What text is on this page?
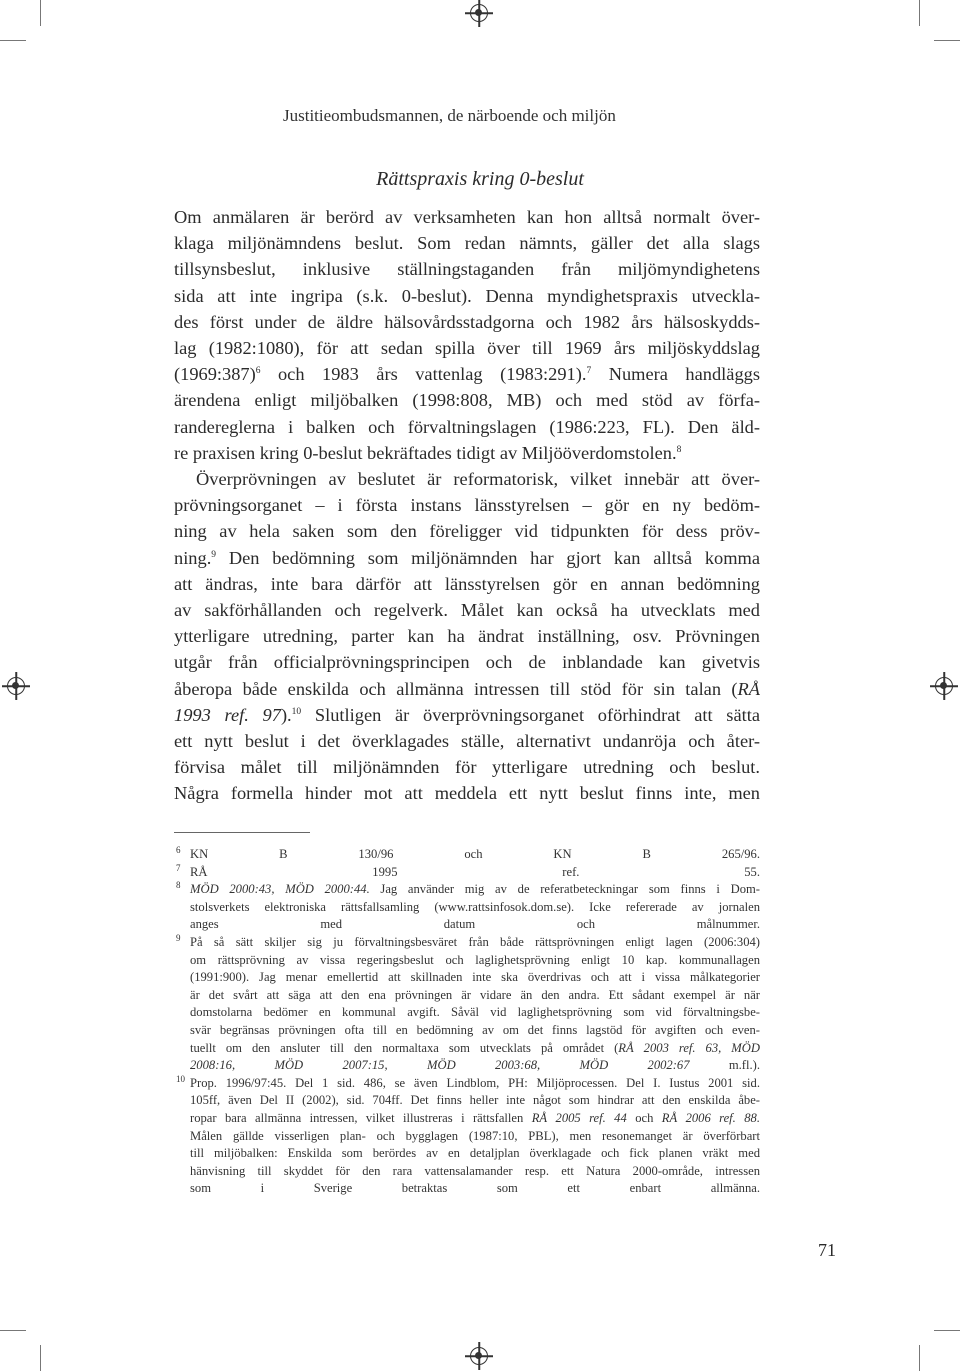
Justitieombudsmannen, de närboende och miljön
Rättspraxis kring 0-beslut
Om anmälaren är berörd av verksamheten kan hon alltså normalt över-
klaga miljönämndens beslut. Som redan nämnts, gäller det alla slags
tillsynsbeslut, inklusive ställningstaganden från miljömyndighetens
sida att inte ingripa (s.k. 0-beslut). Denna myndighetspraxis utveckla-
des först under de äldre hälsovårdsstadgorna och 1982 års hälsoskydds-
lag (1982:1080), för att sedan spilla över till 1969 års miljöskyddslag
(1969:387)$^6$ och 1983 års vattenlag (1983:291).$^7$ Numera handläggs
ärendena enligt miljöbalken (1998:808, MB) och med stöd av förfa-
randereglerna i balken och förvaltningslagen (1986:223, FL). Den äld-
re praxisen kring 0-beslut bekräftades tidigt av Miljööverdomstolen.$^8$
Överprövningen av beslutet är reformatorisk, vilket innebär att över-
prövningsorganet – i första instans länsstyrelsen – gör en ny bedöm-
ning av hela saken som den föreligger vid tidpunkten för dess pröv-
ning.$^9$ Den bedömning som miljönämnden har gjort kan alltså komma
att ändras, inte bara därför att länsstyrelsen gör en annan bedömning
av sakförhållanden och regelverk. Målet kan också ha utvecklats med
ytterligare utredning, parter kan ha ändrat inställning, osv. Prövningen
utgår från officialprövningsprincipen och de inblandade kan givetvis
åberopa både enskilda och allmänna intressen till stöd för sin talan (RÅ
1993 ref. 97).$^{10}$ Slutligen är överprövningsorganet oförhindrat att sätta
ett nytt beslut i det överklagades ställe, alternativt undanröja och åter-
förvisa målet till miljönämnden för ytterligare utredning och beslut.
Några formella hinder mot att meddela ett nytt beslut finns inte, men
6 KN B 130/96 och KN B 265/96.
7 RÅ 1995 ref. 55.
8 MÖD 2000:43, MÖD 2000:44. Jag använder mig av de referatbeteckningar som finns i Dom-
stolsverkets elektroniska rättsfallsamling (www.rattsinfosok.dom.se). Icke refererade av jornalen
anges med datum och målnummer.
9 På så sätt skiljer sig ju förvaltningsbesväret från både rättsprövningen enligt lagen (2006:304)
om rättsprövning av vissa regeringsbeslut och laglighetsprövning enligt 10 kap. kommunallagen
(1991:900). Jag menar emellertid att skillnaden inte ska överdrivas och att i vissa målkategorier
är det svårt att säga att den ena prövningen är vidare än den andra. Ett sådant exempel är när
domstolarna bedömer en kommunal avgift. Såväl vid laglighetsprövning som vid förvaltningsbe-
svär begränsas prövningen ofta till en bedömning av om det finns lagstöd för avgiften och even-
tuellt om den ansluter till den normaltaxa som utvecklats på området (RÅ 2003 ref. 63, MÖD
2008:16, MÖD 2007:15, MÖD 2003:68, MÖD 2002:67	m.fl.).
10 Prop. 1996/97:45. Del 1 sid. 486, se även Lindblom, PH: Miljöprocessen. Del I. Iustus 2001 sid.
105ff, även Del II (2002), sid. 704ff. Det finns heller inte något som hindrar att den enskilda åbe-
ropar bara allmänna intressen, vilket illustreras i rättsfallen RÅ 2005 ref. 44 och RÅ 2006 ref. 88.
Målen gällde visserligen plan- och bygglagen (1987:10, PBL), men resonemanget är överförbart
till miljöbalken: Enskilda som berördes av en detaljplan överklagade och fick planen vräkt med
hänvisning till skyddet för den rara vattensalamander resp. ett Natura 2000-område, intressen
som i Sverige betraktas som ett enbart allmänna.
71
